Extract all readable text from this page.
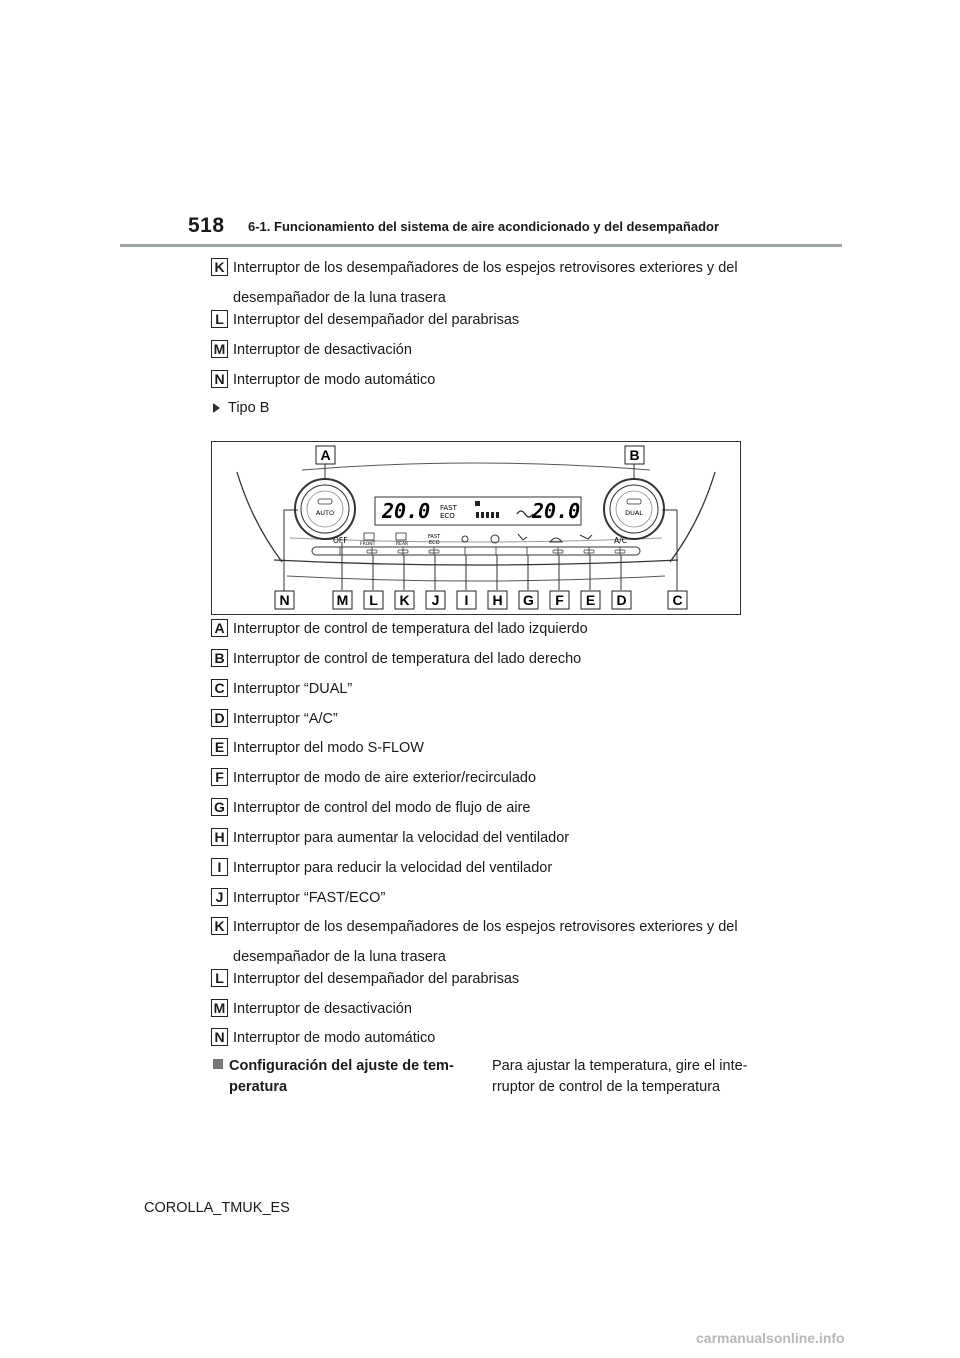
518 6-1. Funcionamiento del sistema de aire acondicionado y del desempañador
K Interruptor de los desempañadores de los espejos retrovisores exteriores y del
desempañador de la luna trasera
L Interruptor del desempañador del parabrisas
M Interruptor de desactivación
N Interruptor de modo automático
Tipo B
AUTO	DUAL
20.0 FAST
ECO	20.0
OFF	FRONT	REAR
FAST
ECO	A/C
A	B
N	M L K J I H G F E D	C
A Interruptor de control de temperatura del lado izquierdo
B Interruptor de control de temperatura del lado derecho
C Interruptor “DUAL”
D Interruptor “A/C”
E Interruptor del modo S-FLOW
F Interruptor de modo de aire exterior/recirculado
G Interruptor de control del modo de flujo de aire
H Interruptor para aumentar la velocidad del ventilador
I Interruptor para reducir la velocidad del ventilador
J Interruptor “FAST/ECO”
K Interruptor de los desempañadores de los espejos retrovisores exteriores y del
desempañador de la luna trasera
L Interruptor del desempañador del parabrisas
M Interruptor de desactivación
N Interruptor de modo automático
Configuración del ajuste de tem-
peratura
Para ajustar la temperatura, gire el inte-
rruptor de control de la temperatura
COROLLA_TMUK_ES
carmanualsonline.info
